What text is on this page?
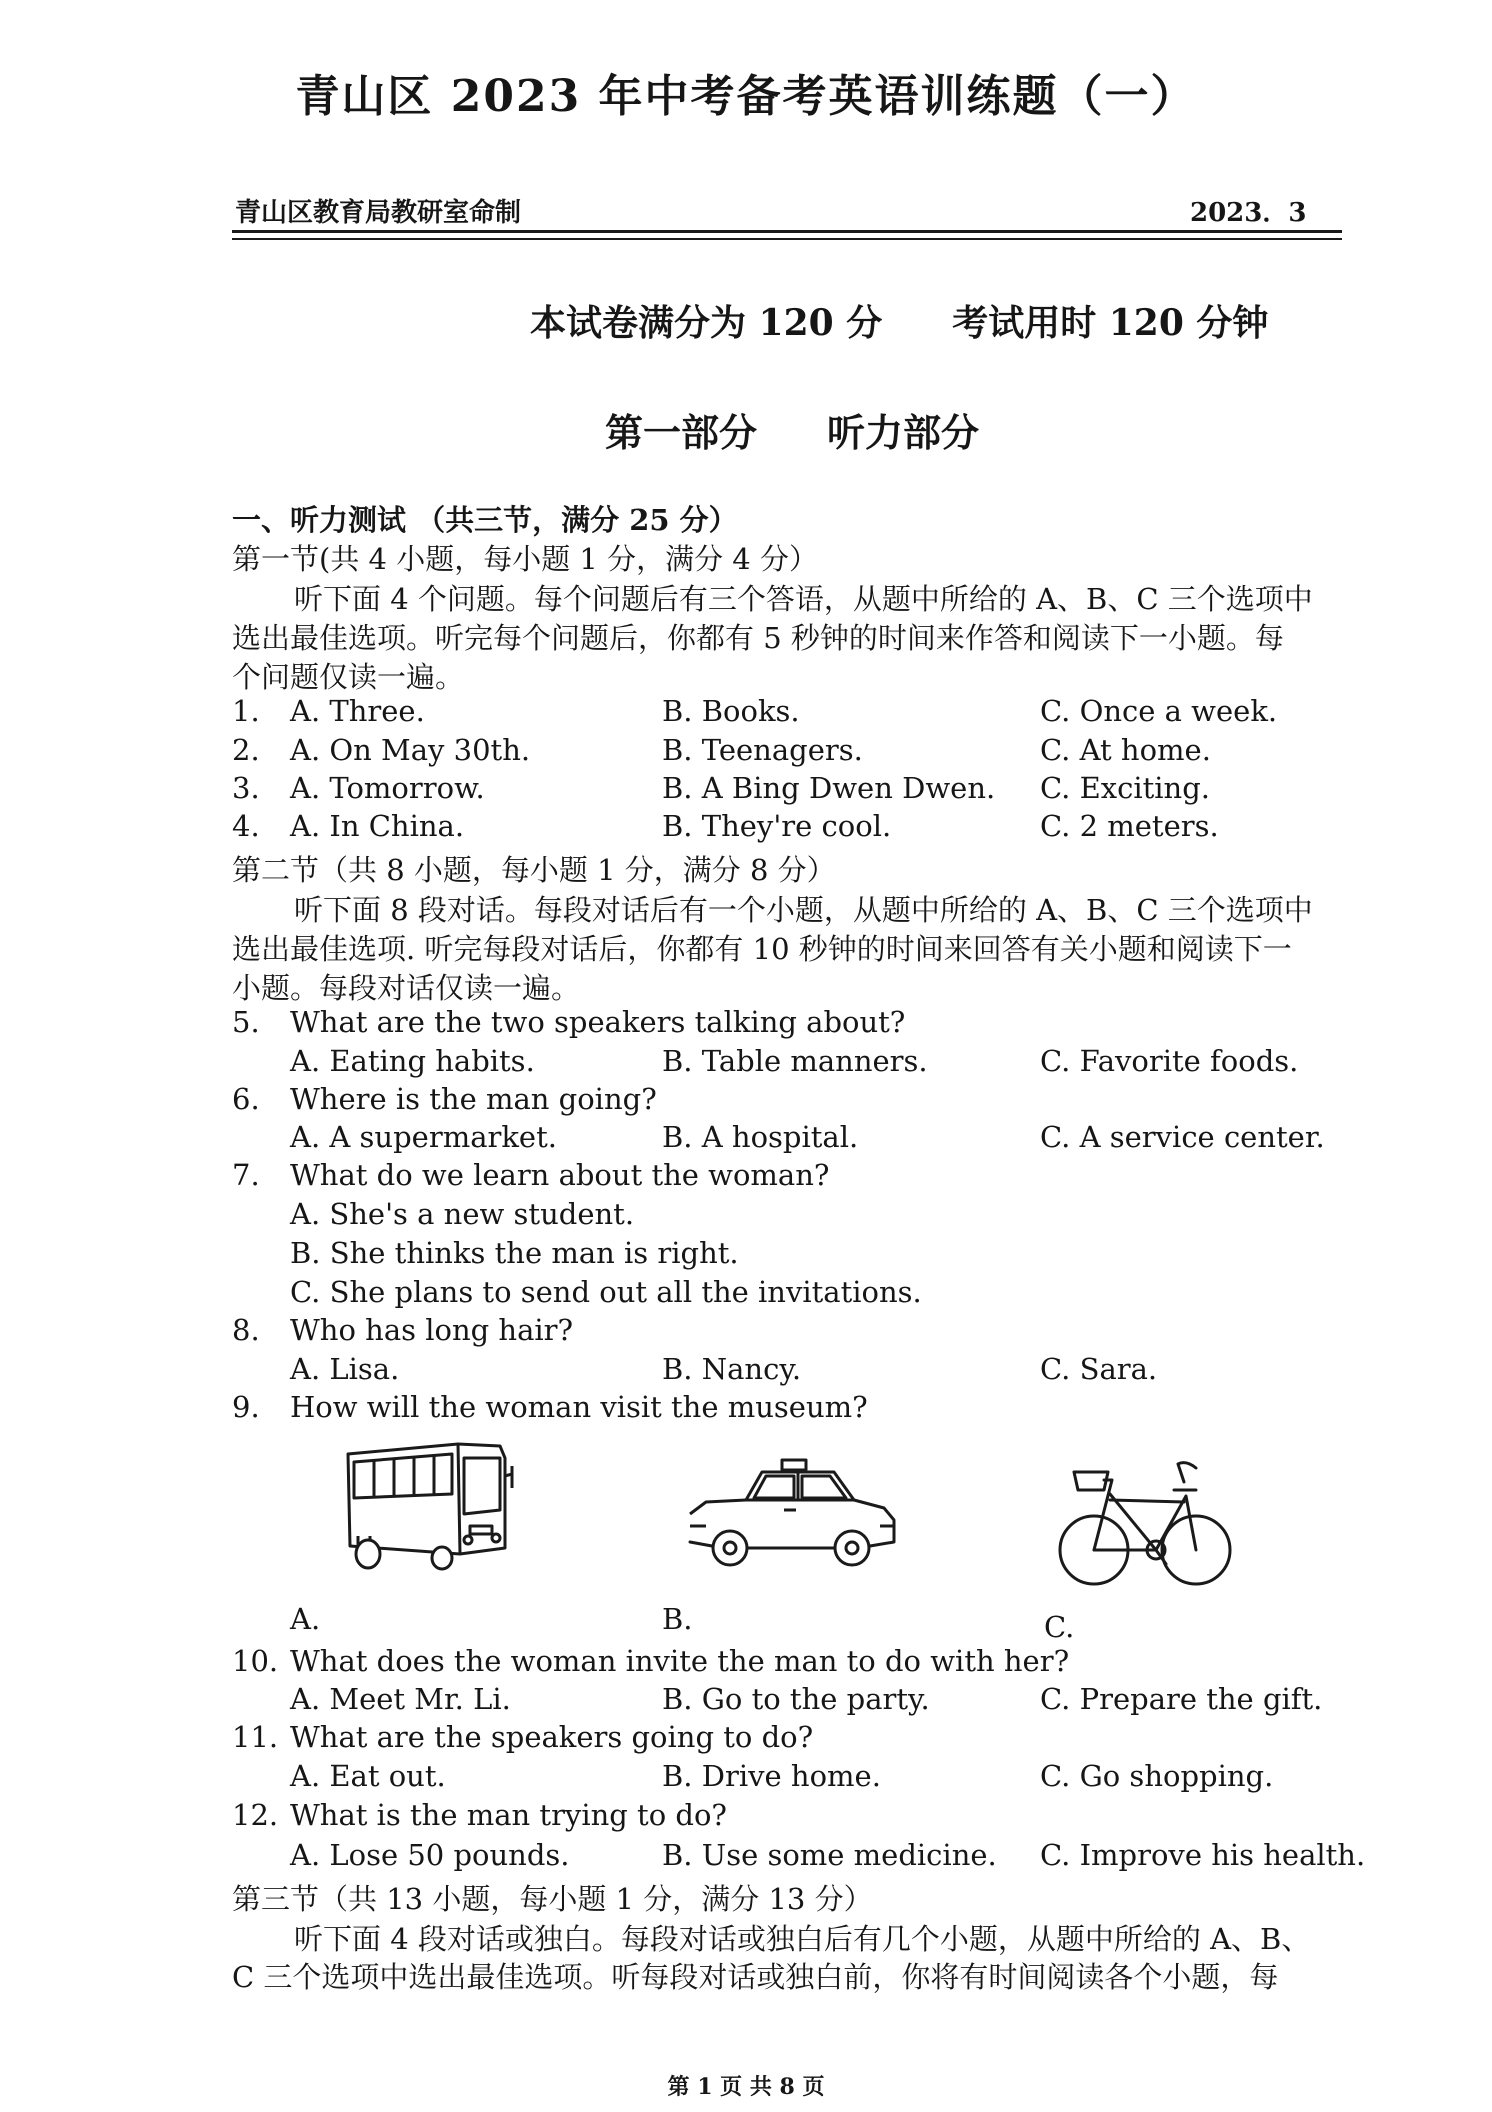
青山区 2023 年中考备考英语训练题（一）
青山区教育局教研室命制	2023．3
本试卷满分为 120 分 考试用时 120 分钟
第一部分 听力部分
一、听力测试 （共三节，满分 25 分）
第一节(共 4 小题，每小题 1 分，满分 4 分）
听下面 4 个问题。每个问题后有三个答语，从题中所给的 A、B、C 三个选项中
选出最佳选项。听完每个问题后，你都有 5 秒钟的时间来作答和阅读下一小题。每
个问题仅读一遍。
1. A. Three.	B. Books.	C. Once a week.
2. A. On May 30th.	B. Teenagers.	C. At home.
3. A. Tomorrow.	B. A Bing Dwen Dwen. C. Exciting.
4. A. In China.	B. They're cool.	C. 2 meters.
第二节（共 8 小题，每小题 1 分，满分 8 分）
听下面 8 段对话。每段对话后有一个小题，从题中所给的 A、B、C 三个选项中
选出最佳选项. 听完每段对话后，你都有 10 秒钟的时间来回答有关小题和阅读下一
小题。每段对话仅读一遍。
5. What are the two speakers talking about?
A. Eating habits.	B. Table manners.	C. Favorite foods.
6. Where is the man going?
A. A supermarket.	B. A hospital.	C. A service center.
7. What do we learn about the woman?
A. She's a new student.
B. She thinks the man is right.
C. She plans to send out all the invitations.
8. Who has long hair?
A. Lisa.	B. Nancy.	C. Sara.
9. How will the woman visit the museum?
A.	B.	C.
10. What does the woman invite the man to do with her?
A. Meet Mr. Li.	B. Go to the party.	C. Prepare the gift.
11. What are the speakers going to do?
A. Eat out.	B. Drive home.	C. Go shopping.
12. What is the man trying to do?
A. Lose 50 pounds.	B. Use some medicine. C. Improve his health.
第三节（共 13 小题，每小题 1 分，满分 13 分）
听下面 4 段对话或独白。每段对话或独白后有几个小题，从题中所给的 A、B、
C 三个选项中选出最佳选项。听每段对话或独白前，你将有时间阅读各个小题，每
第 1 页 共 8 页
